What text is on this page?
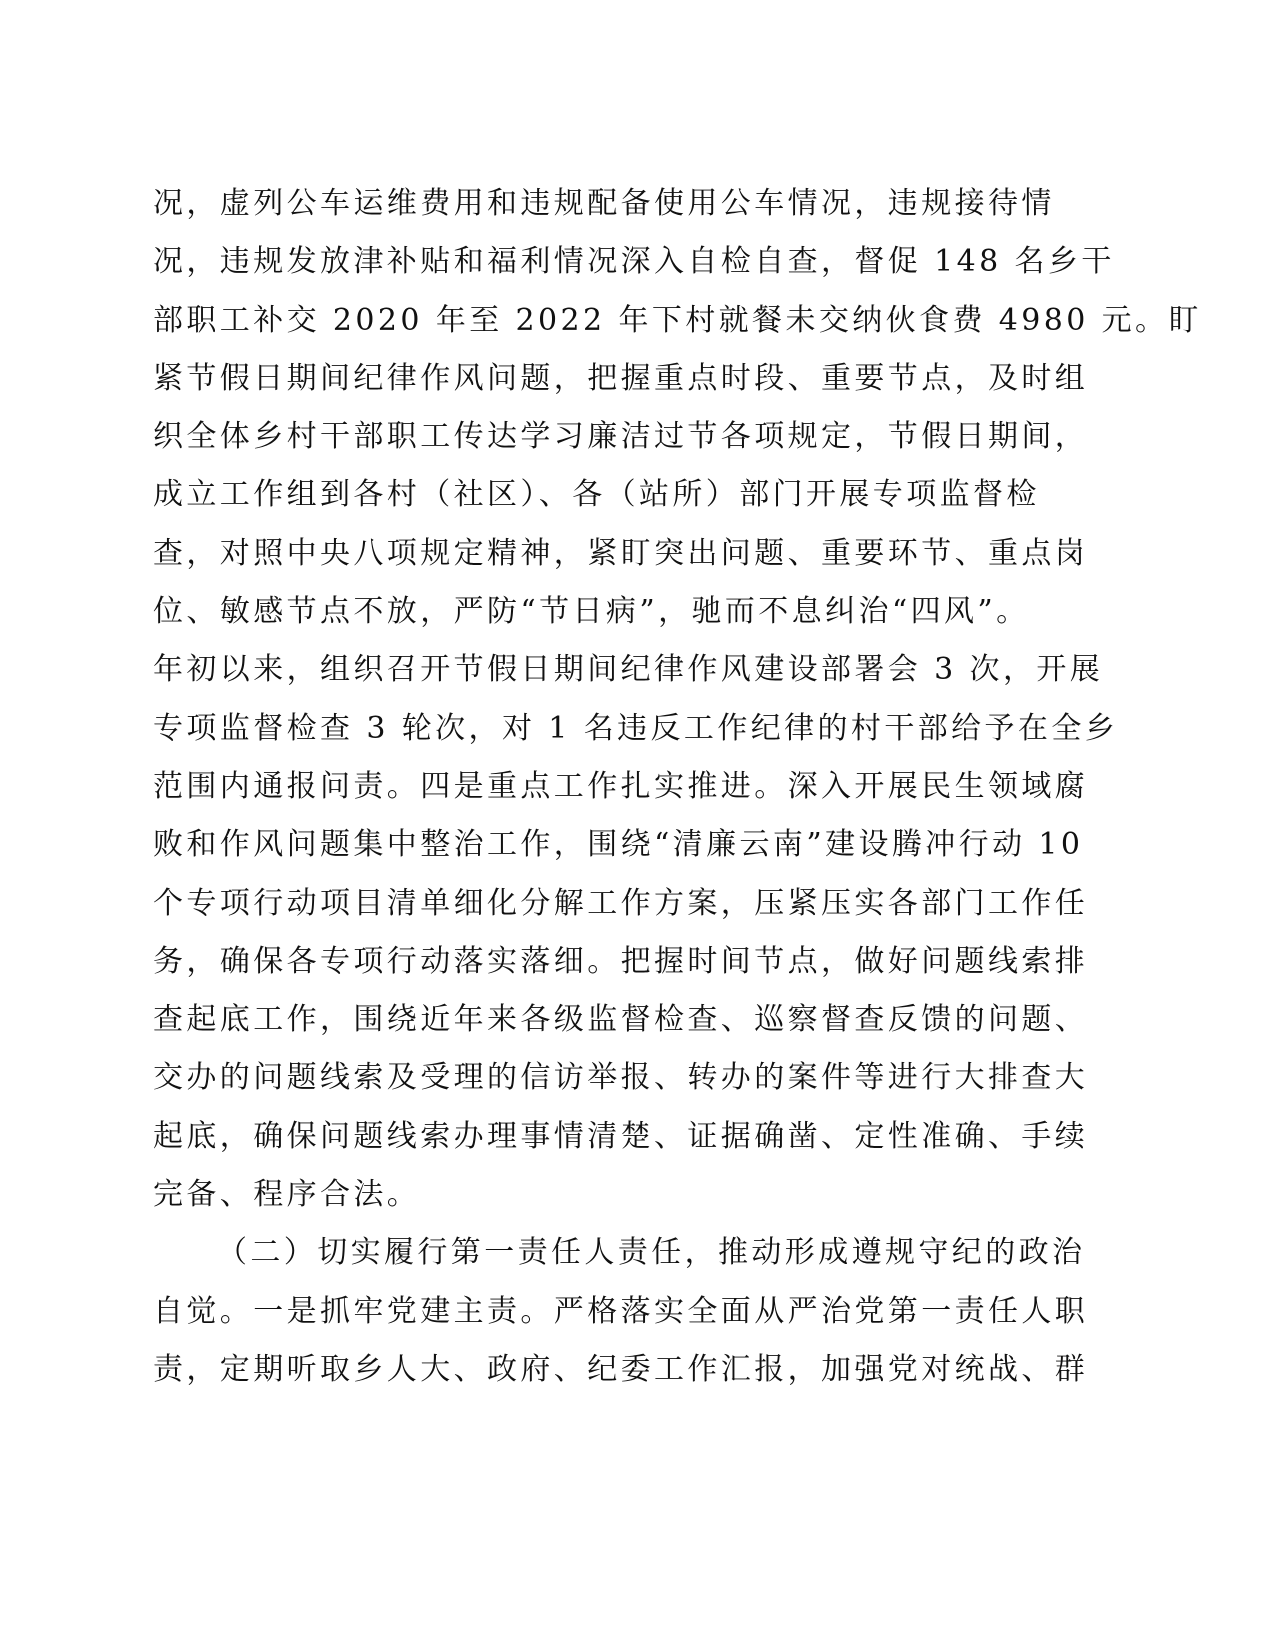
况，虚列公车运维费用和违规配备使用公车情况，违规接待情
况，违规发放津补贴和福利情况深入自检自查，督促 148 名乡干
部职工补交 2020 年至 2022 年下村就餐未交纳伙食费 4980 元。盯
紧节假日期间纪律作风问题，把握重点时段、重要节点，及时组
织全体乡村干部职工传达学习廉洁过节各项规定，节假日期间，
成立工作组到各村（社区）、各（站所）部门开展专项监督检
查，对照中央八项规定精神，紧盯突出问题、重要环节、重点岗
位、敏感节点不放，严防“节日病”，驰而不息纠治“四风”。
年初以来，组织召开节假日期间纪律作风建设部署会 3 次，开展
专项监督检查 3 轮次，对 1 名违反工作纪律的村干部给予在全乡
范围内通报问责。四是重点工作扎实推进。深入开展民生领域腐
败和作风问题集中整治工作，围绕“清廉云南”建设腾冲行动 10
个专项行动项目清单细化分解工作方案，压紧压实各部门工作任
务，确保各专项行动落实落细。把握时间节点，做好问题线索排
查起底工作，围绕近年来各级监督检查、巡察督查反馈的问题、
交办的问题线索及受理的信访举报、转办的案件等进行大排查大
起底，确保问题线索办理事情清楚、证据确凿、定性准确、手续
完备、程序合法。
（二）切实履行第一责任人责任，推动形成遵规守纪的政治
自觉。一是抓牢党建主责。严格落实全面从严治党第一责任人职
责，定期听取乡人大、政府、纪委工作汇报，加强党对统战、群
